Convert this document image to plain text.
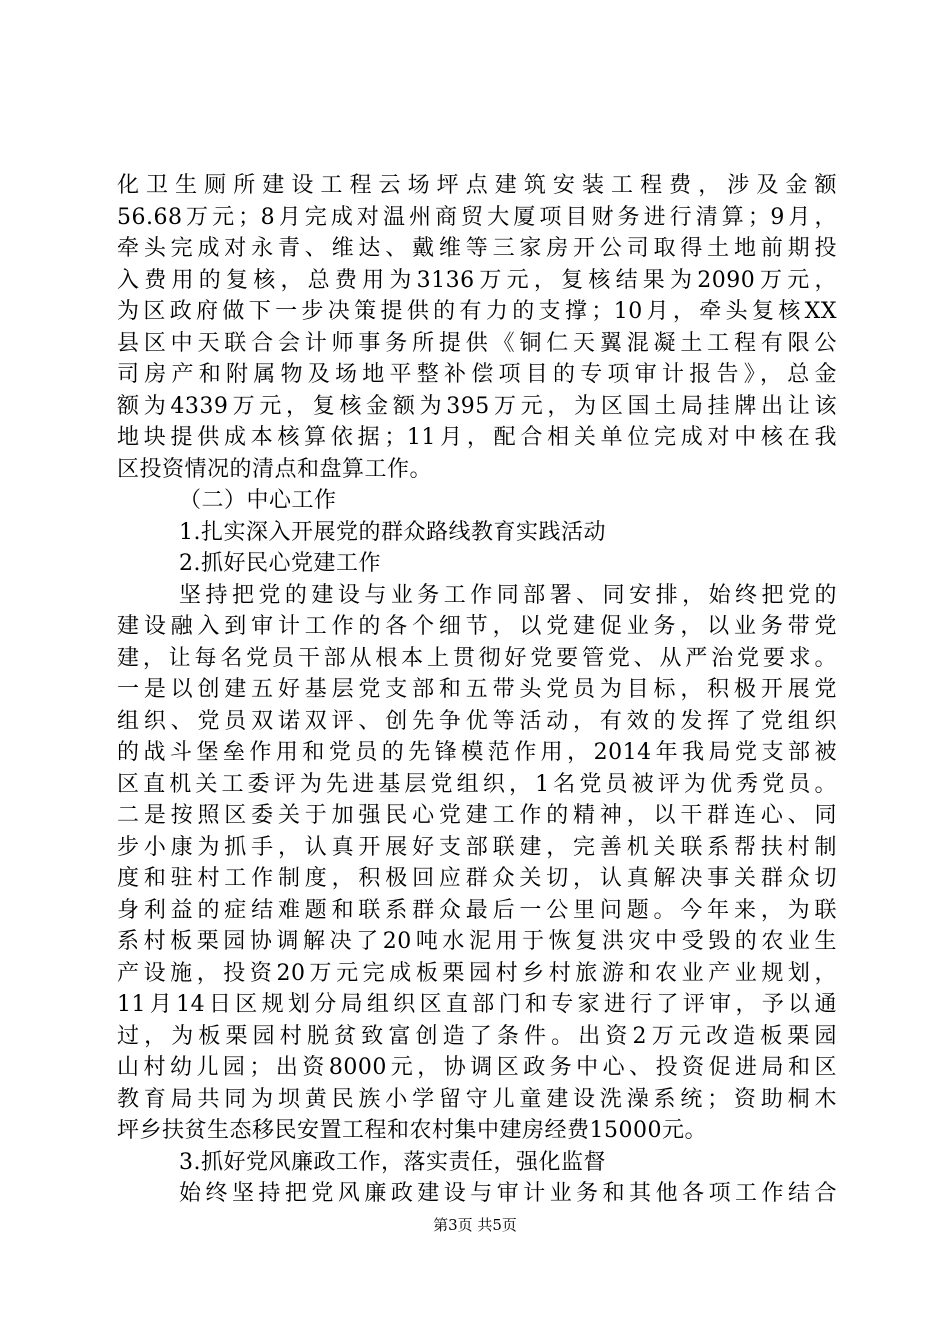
化卫生厕所建设工程云场坪点建筑安装工程费，涉及金额
56.68万元；8月完成对温州商贸大厦项目财务进行清算；9月，
牵头完成对永青、维达、戴维等三家房开公司取得土地前期投
入费用的复核，总费用为3136万元，复核结果为2090万元，
为区政府做下一步决策提供的有力的支撑；10月，牵头复核XX
县区中天联合会计师事务所提供《铜仁天翼混凝土工程有限公
司房产和附属物及场地平整补偿项目的专项审计报告》，总金
额为4339万元，复核金额为395万元，为区国土局挂牌出让该
地块提供成本核算依据；11月，配合相关单位完成对中核在我
区投资情况的清点和盘算工作。
（二）中心工作
1.扎实深入开展党的群众路线教育实践活动
2.抓好民心党建工作
坚持把党的建设与业务工作同部署、同安排，始终把党的
建设融入到审计工作的各个细节，以党建促业务，以业务带党
建，让每名党员干部从根本上贯彻好党要管党、从严治党要求。
一是以创建五好基层党支部和五带头党员为目标，积极开展党
组织、党员双诺双评、创先争优等活动，有效的发挥了党组织
的战斗堡垒作用和党员的先锋模范作用，2014年我局党支部被
区直机关工委评为先进基层党组织，1名党员被评为优秀党员。
二是按照区委关于加强民心党建工作的精神，以干群连心、同
步小康为抓手，认真开展好支部联建，完善机关联系帮扶村制
度和驻村工作制度，积极回应群众关切，认真解决事关群众切
身利益的症结难题和联系群众最后一公里问题。今年来，为联
系村板栗园协调解决了20吨水泥用于恢复洪灾中受毁的农业生
产设施，投资20万元完成板栗园村乡村旅游和农业产业规划，
11月14日区规划分局组织区直部门和专家进行了评审，予以通
过，为板栗园村脱贫致富创造了条件。出资2万元改造板栗园
山村幼儿园；出资8000元，协调区政务中心、投资促进局和区
教育局共同为坝黄民族小学留守儿童建设洗澡系统；资助桐木
坪乡扶贫生态移民安置工程和农村集中建房经费15000元。
3.抓好党风廉政工作，落实责任，强化监督
始终坚持把党风廉政建设与审计业务和其他各项工作结合
第3页 共5页
